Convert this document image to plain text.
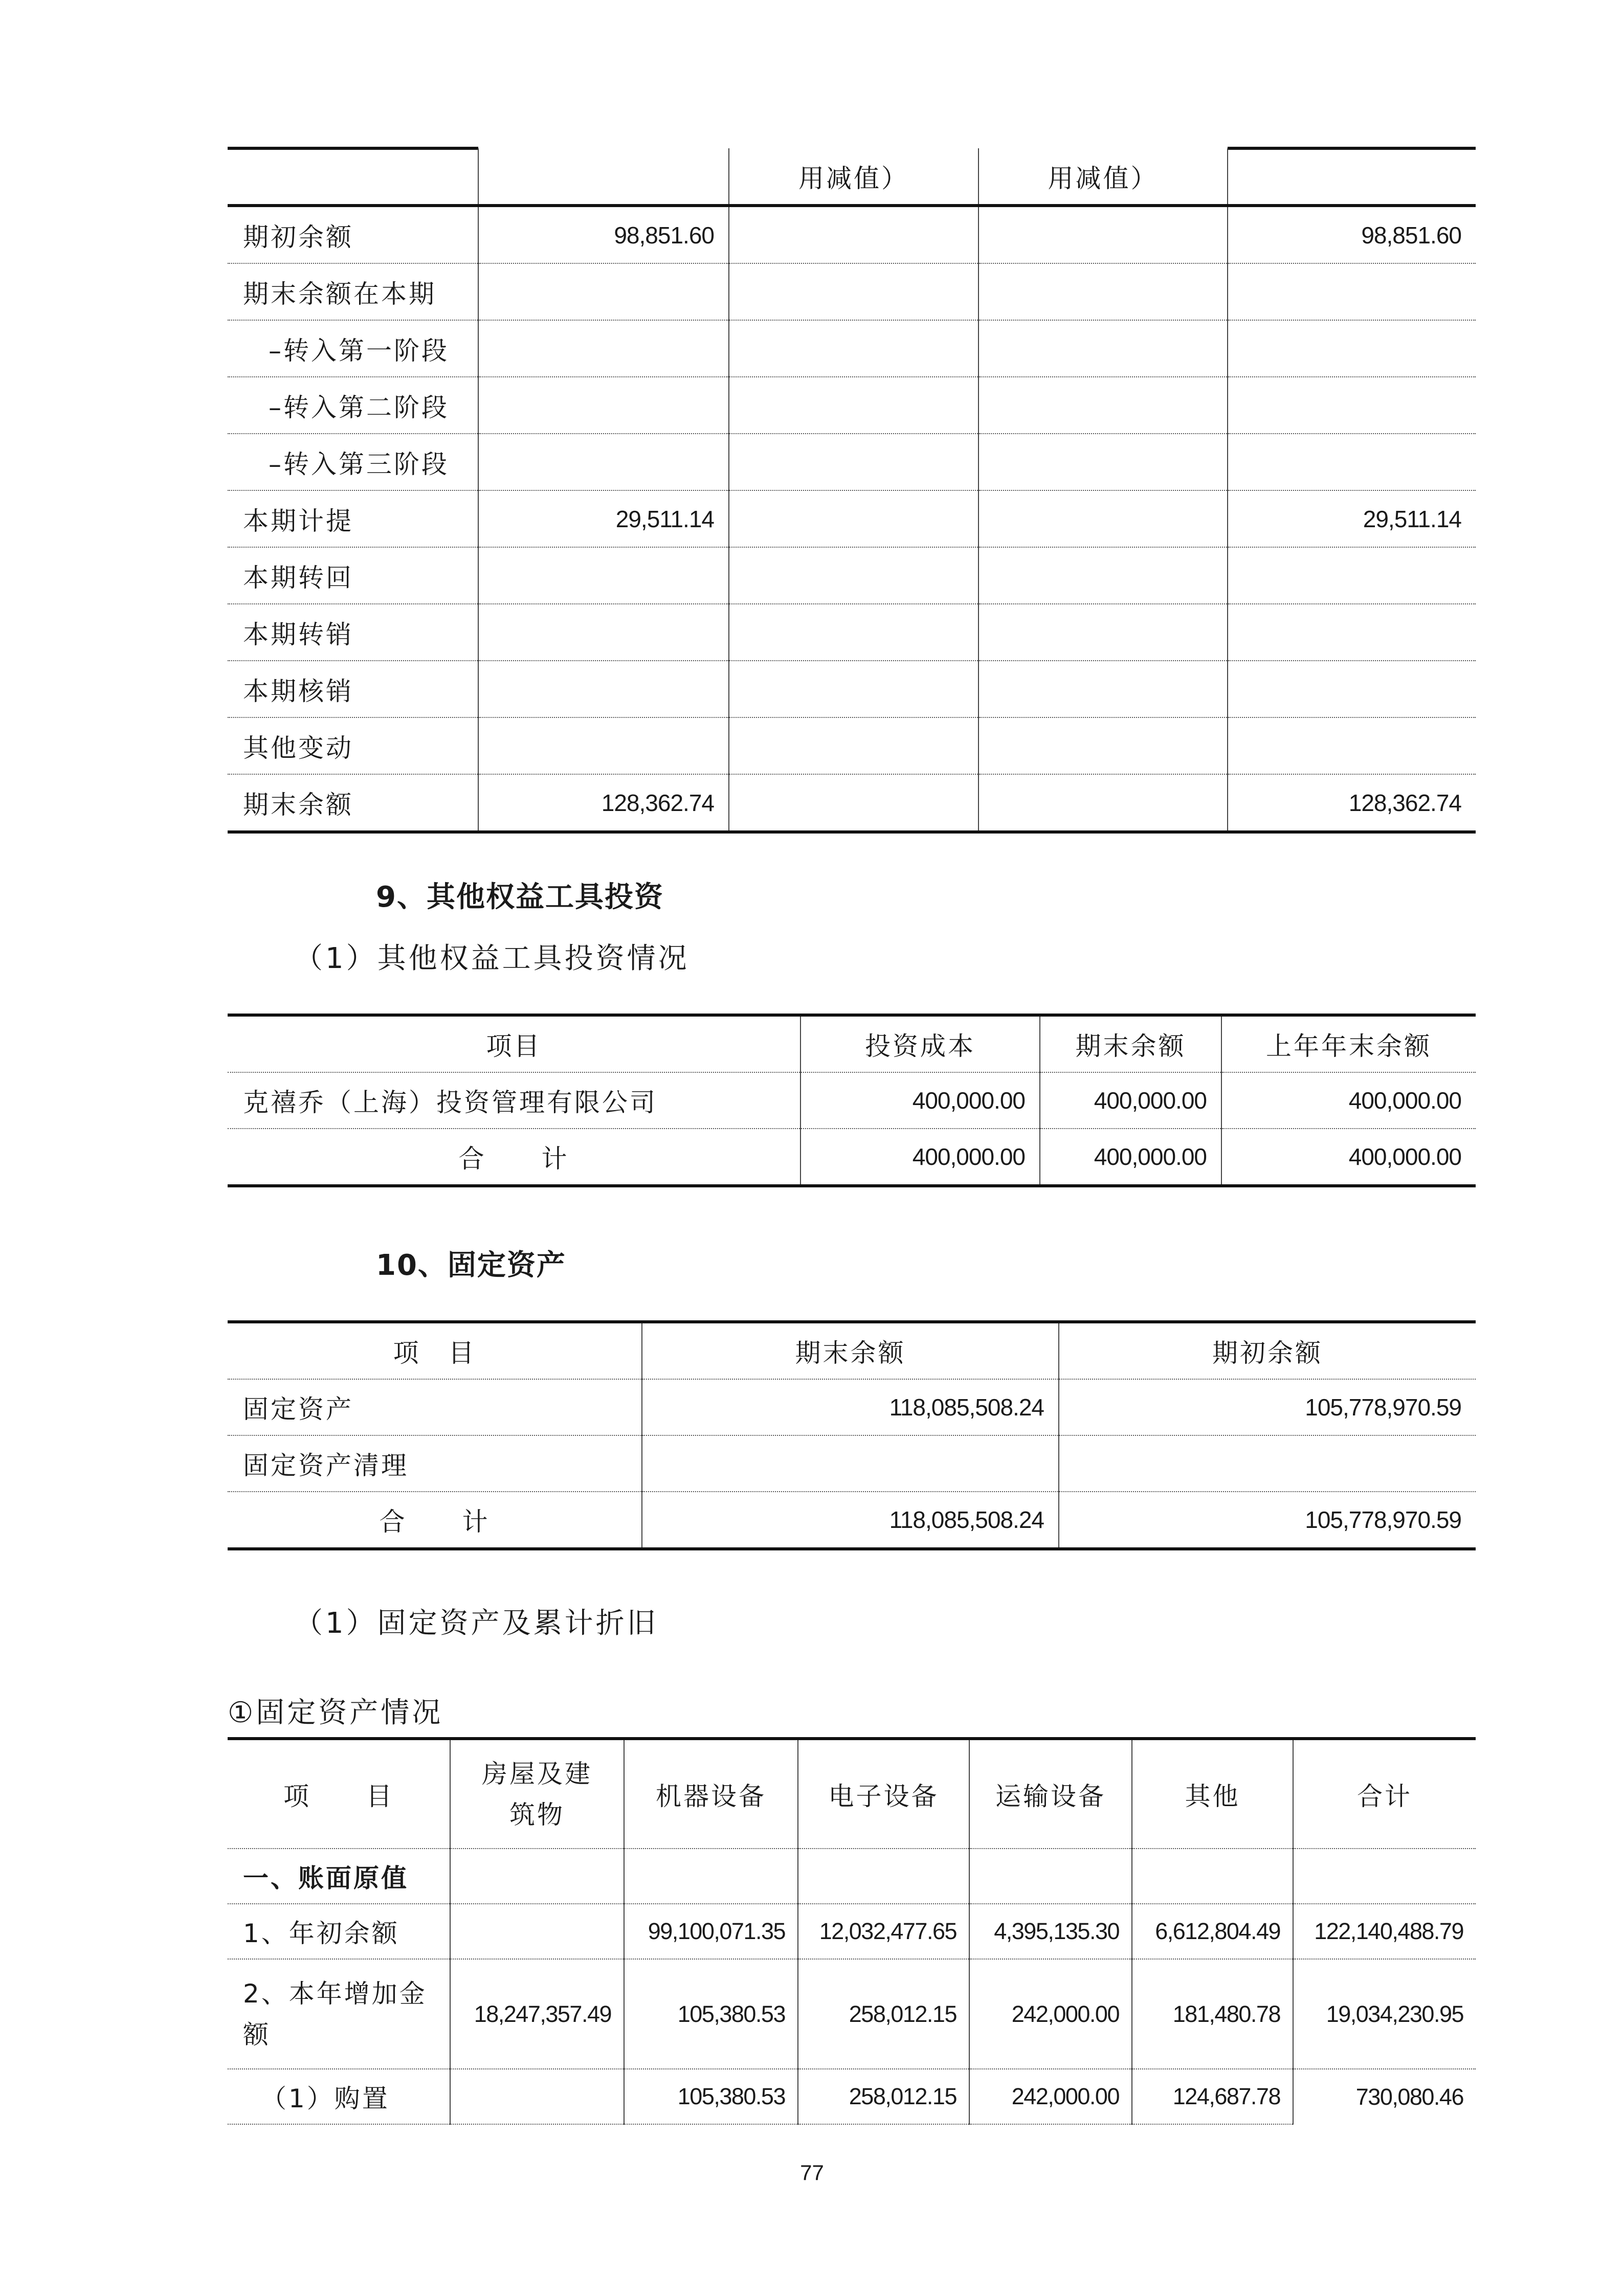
		用减值）	用减值）	
期初余额	98,851.60			98,851.60
期末余额在本期				
–转入第一阶段				
–转入第二阶段				
–转入第三阶段				
本期计提	29,511.14			29,511.14
本期转回				
本期转销				
本期核销				
其他变动				
期末余额	128,362.74			128,362.74
9、其他权益工具投资
（1）其他权益工具投资情况
项目	投资成本	期末余额	上年年末余额
克禧乔（上海）投资管理有限公司	400,000.00	400,000.00	400,000.00
合　　计	400,000.00	400,000.00	400,000.00
10、固定资产
项　目	期末余额	期初余额
固定资产	118,085,508.24	105,778,970.59
固定资产清理		
合　　计	118,085,508.24	105,778,970.59
（1）固定资产及累计折旧
①固定资产情况
项　　目	房屋及建筑物	机器设备	电子设备	运输设备	其他	合计
一、账面原值						
1、年初余额		99,100,071.35	12,032,477.65	4,395,135.30	6,612,804.49	122,140,488.79
2、本年增加金额	18,247,357.49	105,380.53	258,012.15	242,000.00	181,480.78	19,034,230.95
（1）购置		105,380.53	258,012.15	242,000.00	124,687.78	730,080.46
77
